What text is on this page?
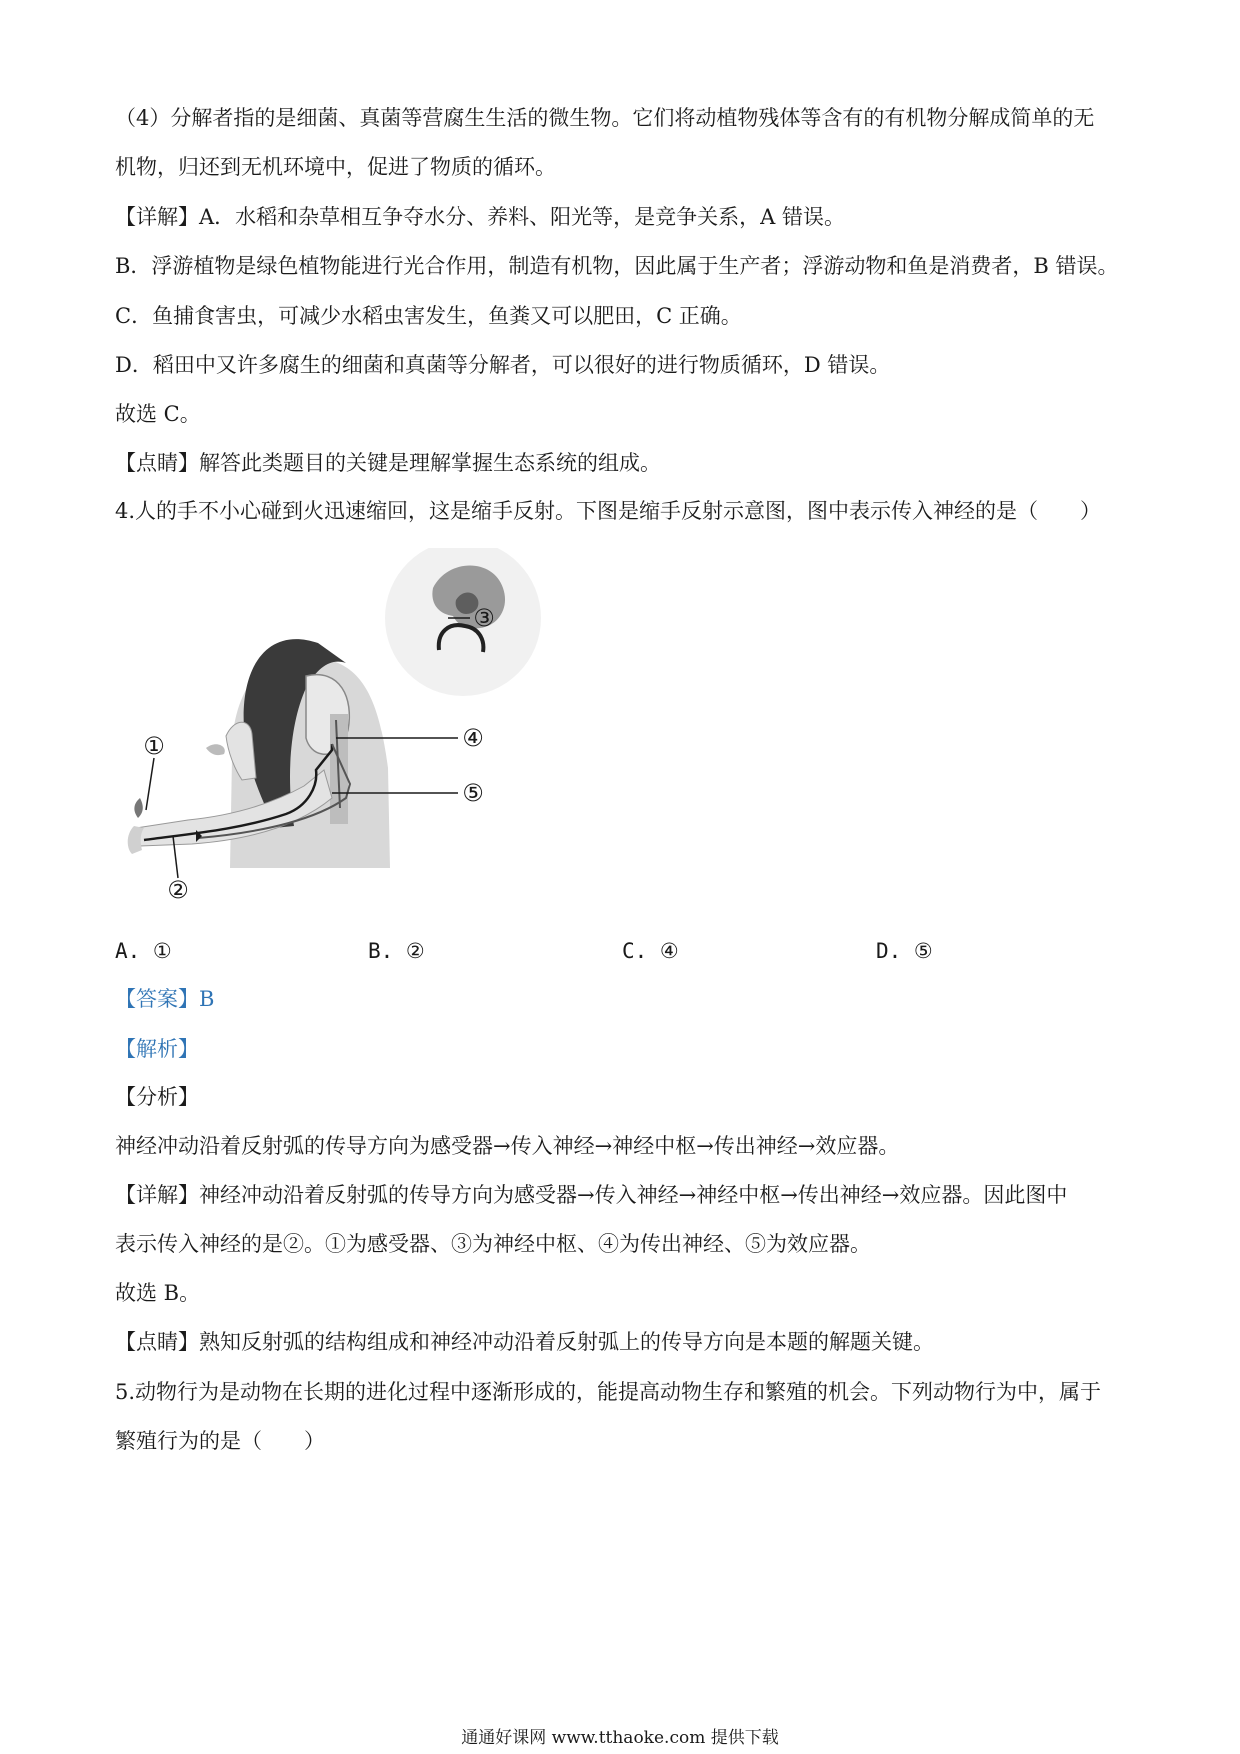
（4）分解者指的是细菌、真菌等营腐生生活的微生物。它们将动植物残体等含有的有机物分解成简单的无
机物，归还到无机环境中，促进了物质的循环。
【详解】A．水稻和杂草相互争夺水分、养料、阳光等，是竞争关系，A 错误。
B．浮游植物是绿色植物能进行光合作用，制造有机物，因此属于生产者；浮游动物和鱼是消费者，B 错误。
C．鱼捕食害虫，可减少水稻虫害发生，鱼粪又可以肥田，C 正确。
D．稻田中又许多腐生的细菌和真菌等分解者，可以很好的进行物质循环，D 错误。
故选 C。
【点睛】解答此类题目的关键是理解掌握生态系统的组成。
4.人的手不小心碰到火迅速缩回，这是缩手反射。下图是缩手反射示意图，图中表示传入神经的是（　　）
①
②
③
④
⑤
A. ①	B. ②	C. ④	D. ⑤
【答案】B
【解析】
【分析】
神经冲动沿着反射弧的传导方向为感受器→传入神经→神经中枢→传出神经→效应器。
【详解】神经冲动沿着反射弧的传导方向为感受器→传入神经→神经中枢→传出神经→效应器。因此图中
表示传入神经的是②。①为感受器、③为神经中枢、④为传出神经、⑤为效应器。
故选 B。
【点睛】熟知反射弧的结构组成和神经冲动沿着反射弧上的传导方向是本题的解题关键。
5.动物行为是动物在长期的进化过程中逐渐形成的，能提高动物生存和繁殖的机会。下列动物行为中，属于
繁殖行为的是（　　）
通通好课网 www.tthaoke.com 提供下载
